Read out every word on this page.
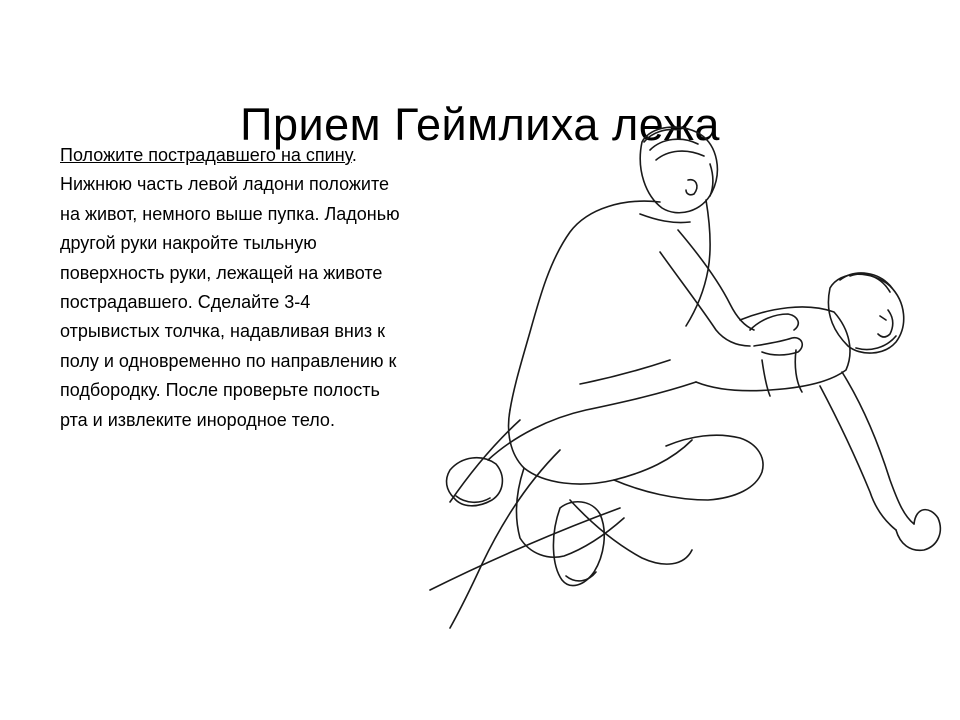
Прием Геймлиха лежа
Положите пострадавшего на спину. Нижнюю часть левой ладони положите на живот, немного выше пупка. Ладонью другой руки накройте тыльную поверхность руки, лежащей на животе пострадавшего. Сделайте 3-4 отрывистых толчка, надавливая вниз к полу и одновременно по направлению к подбородку. После проверьте полость рта и извлеките инородное тело.
